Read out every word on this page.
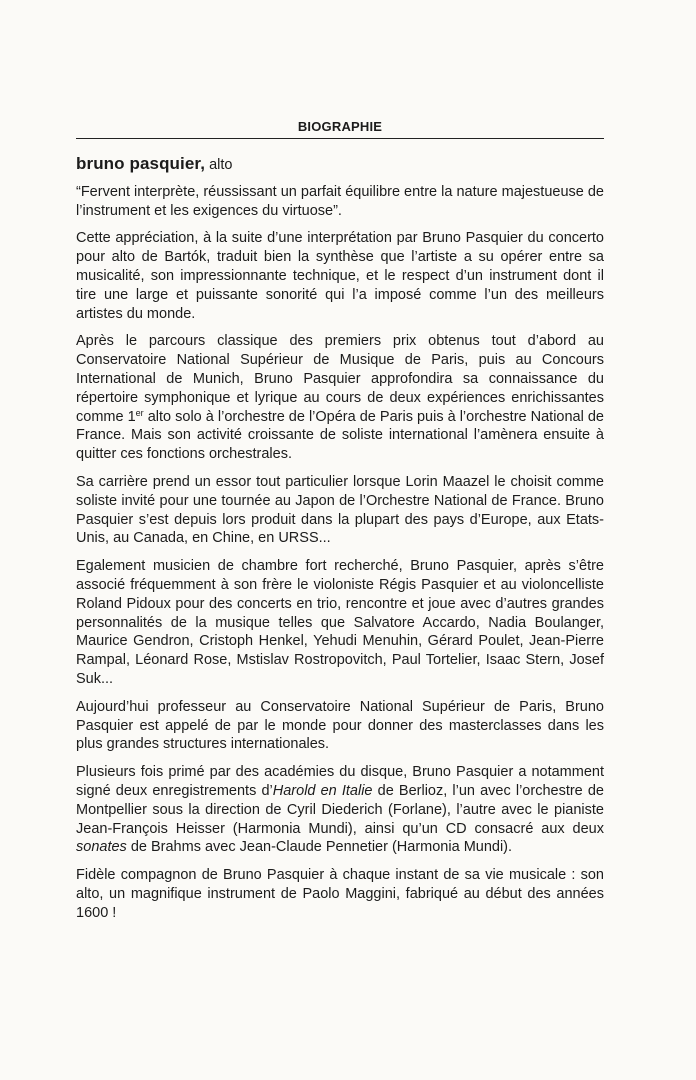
BIOGRAPHIE
bruno pasquier, alto

“Fervent interprète, réussissant un parfait équilibre entre la nature majestueuse de l’instrument et les exigences du virtuose”.

Cette appréciation, à la suite d’une interprétation par Bruno Pasquier du concerto pour alto de Bartók, traduit bien la synthèse que l’artiste a su opérer entre sa musicalité, son impressionnante technique, et le respect d’un instrument dont il tire une large et puissante sonorité qui l’a imposé comme l’un des meilleurs artistes du monde.

Après le parcours classique des premiers prix obtenus tout d’abord au Conservatoire National Supérieur de Musique de Paris, puis au Concours International de Munich, Bruno Pasquier approfondira sa connaissance du répertoire symphonique et lyrique au cours de deux expériences enrichissantes comme 1er alto solo à l’orchestre de l’Opéra de Paris puis à l’orchestre National de France. Mais son activité croissante de soliste international l’amènera ensuite à quitter ces fonctions orchestrales.

Sa carrière prend un essor tout particulier lorsque Lorin Maazel le choisit comme soliste invité pour une tournée au Japon de l’Orchestre National de France. Bruno Pasquier s’est depuis lors produit dans la plupart des pays d’Europe, aux Etats-Unis, au Canada, en Chine, en URSS...

Egalement musicien de chambre fort recherché, Bruno Pasquier, après s’être associé fréquemment à son frère le violoniste Régis Pasquier et au violoncelliste Roland Pidoux pour des concerts en trio, rencontre et joue avec d’autres grandes personnalités de la musique telles que Salvatore Accardo, Nadia Boulanger, Maurice Gendron, Cristoph Henkel, Yehudi Menuhin, Gérard Poulet, Jean-Pierre Rampal, Léonard Rose, Mstislav Rostropovitch, Paul Tortelier, Isaac Stern, Josef Suk...

Aujourd’hui professeur au Conservatoire National Supérieur de Paris, Bruno Pasquier est appelé de par le monde pour donner des masterclasses dans les plus grandes structures internationales.

Plusieurs fois primé par des académies du disque, Bruno Pasquier a notamment signé deux enregistrements d’Harold en Italie de Berlioz, l’un avec l’orchestre de Montpellier sous la direction de Cyril Diederich (Forlane), l’autre avec le pianiste Jean-François Heisser (Harmonia Mundi), ainsi qu’un CD consacré aux deux sonates de Brahms avec Jean-Claude Pennetier (Harmonia Mundi).

Fidèle compagnon de Bruno Pasquier à chaque instant de sa vie musicale : son alto, un magnifique instrument de Paolo Maggini, fabriqué au début des années 1600 !
